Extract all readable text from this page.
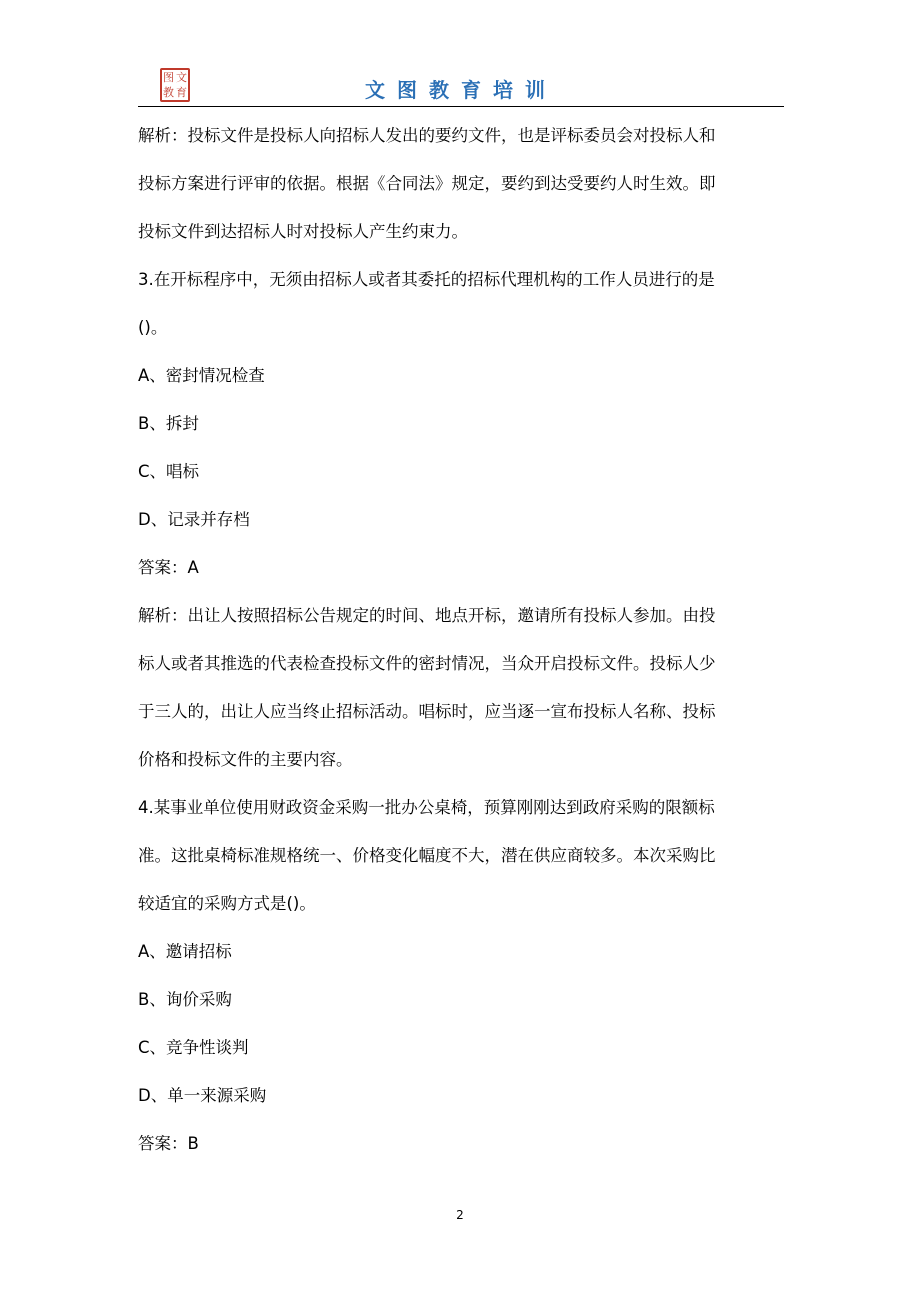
图 文
教 育	文图教育培训
解析：投标文件是投标人向招标人发出的要约文件，也是评标委员会对投标人和
投标方案进行评审的依据。根据《合同法》规定，要约到达受要约人时生效。即
投标文件到达招标人时对投标人产生约束力。
3.在开标程序中，无须由招标人或者其委托的招标代理机构的工作人员进行的是
()。
A、密封情况检查
B、拆封
C、唱标
D、记录并存档
答案：A
解析：出让人按照招标公告规定的时间、地点开标，邀请所有投标人参加。由投
标人或者其推选的代表检查投标文件的密封情况，当众开启投标文件。投标人少
于三人的，出让人应当终止招标活动。唱标时，应当逐一宣布投标人名称、投标
价格和投标文件的主要内容。
4.某事业单位使用财政资金采购一批办公桌椅，预算刚刚达到政府采购的限额标
准。这批桌椅标准规格统一、价格变化幅度不大，潜在供应商较多。本次采购比
较适宜的采购方式是()。
A、邀请招标
B、询价采购
C、竞争性谈判
D、单一来源采购
答案：B
2
